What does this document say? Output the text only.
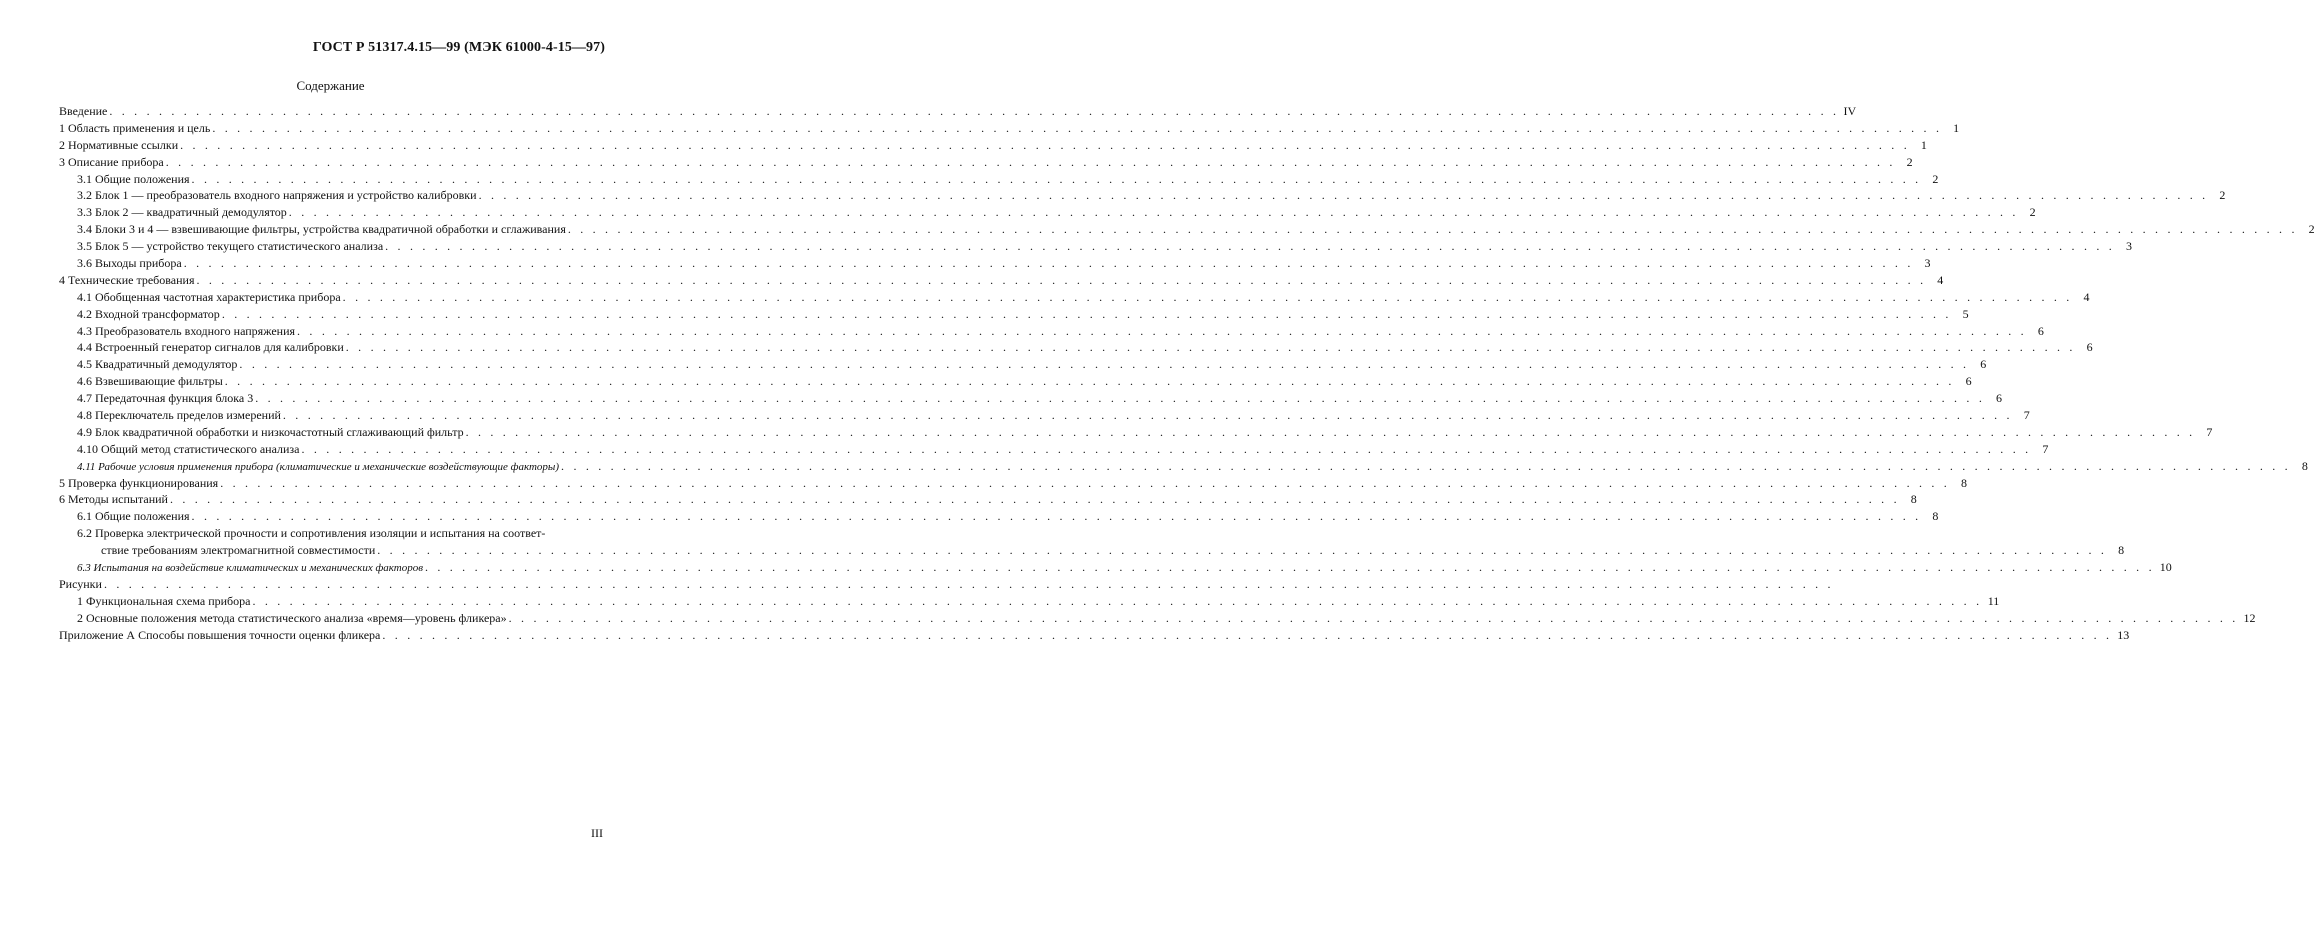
ГОСТ Р 51317.4.15—99 (МЭК 61000-4-15—97)
Содержание
Введение . . . . . . . . . . . . . . . . . . . . . . . . . . . . . . . . . . . . . . . . . . . . . . . . . . . . . . . . . . . . . . . . . . . . . . . . . . . . . . . . . . . . . . . . . . . . . . . . . . . . . . . . . . . . . . . . . . . . . . . . . . . . . . . . . . . . . . . . . . . . IV
1 Область применения и цель . . . . . . . . . . . . . . . . . . . . . . . . . . . . . . . . . . . . . . . . . . . . . . . . . . . . . . . . . . . . . . . . . . . . . . . . . . . . . . . . . . . . . . . . . . . . . . . . . . . . . . . . . . . . . . . . . . . . . . . . . . . . . . . . . . . . . . . . . . . . 1
2 Нормативные ссылки . . . . . . . . . . . . . . . . . . . . . . . . . . . . . . . . . . . . . . . . . . . . . . . . . . . . . . . . . . . . . . . . . . . . . . . . . . . . . . . . . . . . . . . . . . . . . . . . . . . . . . . . . . . . . . . . . . . . . . . . . . . . . . . . . . . . . . . . . . . . 1
3 Описание прибора . . . . . . . . . . . . . . . . . . . . . . . . . . . . . . . . . . . . . . . . . . . . . . . . . . . . . . . . . . . . . . . . . . . . . . . . . . . . . . . . . . . . . . . . . . . . . . . . . . . . . . . . . . . . . . . . . . . . . . . . . . . . . . . . . . . . . . . . . . . . 2
3.1 Общие положения . . . . . . . . . . . . . . . . . . . . . . . . . . . . . . . . . . . . . . . . . . . . . . . . . . . . . . . . . . . . . . . . . . . . . . . . . . . . . . . . . . . . . . . . . . . . . . . . . . . . . . . . . . . . . . . . . . . . . . . . . . . . . . . . . . . . . . . . . . . . 2
3.2 Блок 1 — преобразователь входного напряжения и устройство калибровки . . . . . . . . . . . . . . . . . . . . . . . . . . . . . . . . . . . . . . . . . . . . . . . . . . . . . . . . . . . . . . . . . . . . . . . . . . . . . . . . . . . . . . . . . . . . . . . . . . . . . . . . . . . . . . . . . . . . . . . . . . . . . . . . . . . . . . . . . . . . 2
3.3 Блок 2 — квадратичный демодулятор . . . . . . . . . . . . . . . . . . . . . . . . . . . . . . . . . . . . . . . . . . . . . . . . . . . . . . . . . . . . . . . . . . . . . . . . . . . . . . . . . . . . . . . . . . . . . . . . . . . . . . . . . . . . . . . . . . . . . . . . . . . . . . . . . . . . . . . . . . . . 2
3.4 Блоки 3 и 4 — взвешивающие фильтры, устройства квадратичной обработки и сглаживания . . . . . . . . . . . . . . . . . . . . . . . . . . . . . . . . . . . . . . . . . . . . . . . . . . . . . . . . . . . . . . . . . . . . . . . . . . . . . . . . . . . . . . . . . . . . . . . . . . . . . . . . . . . . . . . . . . . . . . . . . . . . . . . . . . . . . . . . . . . . 2
3.5 Блок 5 — устройство текущего статистического анализа . . . . . . . . . . . . . . . . . . . . . . . . . . . . . . . . . . . . . . . . . . . . . . . . . . . . . . . . . . . . . . . . . . . . . . . . . . . . . . . . . . . . . . . . . . . . . . . . . . . . . . . . . . . . . . . . . . . . . . . . . . . . . . . . . . . . . . . . . . . . 3
3.6 Выходы прибора . . . . . . . . . . . . . . . . . . . . . . . . . . . . . . . . . . . . . . . . . . . . . . . . . . . . . . . . . . . . . . . . . . . . . . . . . . . . . . . . . . . . . . . . . . . . . . . . . . . . . . . . . . . . . . . . . . . . . . . . . . . . . . . . . . . . . . . . . . . . 3
4 Технические требования . . . . . . . . . . . . . . . . . . . . . . . . . . . . . . . . . . . . . . . . . . . . . . . . . . . . . . . . . . . . . . . . . . . . . . . . . . . . . . . . . . . . . . . . . . . . . . . . . . . . . . . . . . . . . . . . . . . . . . . . . . . . . . . . . . . . . . . . . . . . 4
4.1 Обобщенная частотная характеристика прибора . . . . . . . . . . . . . . . . . . . . . . . . . . . . . . . . . . . . . . . . . . . . . . . . . . . . . . . . . . . . . . . . . . . . . . . . . . . . . . . . . . . . . . . . . . . . . . . . . . . . . . . . . . . . . . . . . . . . . . . . . . . . . . . . . . . . . . . . . . . . 4
4.2 Входной трансформатор . . . . . . . . . . . . . . . . . . . . . . . . . . . . . . . . . . . . . . . . . . . . . . . . . . . . . . . . . . . . . . . . . . . . . . . . . . . . . . . . . . . . . . . . . . . . . . . . . . . . . . . . . . . . . . . . . . . . . . . . . . . . . . . . . . . . . . . . . . . . 5
4.3 Преобразователь входного напряжения . . . . . . . . . . . . . . . . . . . . . . . . . . . . . . . . . . . . . . . . . . . . . . . . . . . . . . . . . . . . . . . . . . . . . . . . . . . . . . . . . . . . . . . . . . . . . . . . . . . . . . . . . . . . . . . . . . . . . . . . . . . . . . . . . . . . . . . . . . . . 6
4.4 Встроенный генератор сигналов для калибровки . . . . . . . . . . . . . . . . . . . . . . . . . . . . . . . . . . . . . . . . . . . . . . . . . . . . . . . . . . . . . . . . . . . . . . . . . . . . . . . . . . . . . . . . . . . . . . . . . . . . . . . . . . . . . . . . . . . . . . . . . . . . . . . . . . . . . . . . . . . . 6
4.5 Квадратичный демодулятор . . . . . . . . . . . . . . . . . . . . . . . . . . . . . . . . . . . . . . . . . . . . . . . . . . . . . . . . . . . . . . . . . . . . . . . . . . . . . . . . . . . . . . . . . . . . . . . . . . . . . . . . . . . . . . . . . . . . . . . . . . . . . . . . . . . . . . . . . . . . 6
4.6 Взвешивающие фильтры . . . . . . . . . . . . . . . . . . . . . . . . . . . . . . . . . . . . . . . . . . . . . . . . . . . . . . . . . . . . . . . . . . . . . . . . . . . . . . . . . . . . . . . . . . . . . . . . . . . . . . . . . . . . . . . . . . . . . . . . . . . . . . . . . . . . . . . . . . . . 6
4.7 Передаточная функция блока 3 . . . . . . . . . . . . . . . . . . . . . . . . . . . . . . . . . . . . . . . . . . . . . . . . . . . . . . . . . . . . . . . . . . . . . . . . . . . . . . . . . . . . . . . . . . . . . . . . . . . . . . . . . . . . . . . . . . . . . . . . . . . . . . . . . . . . . . . . . . . . 6
4.8 Переключатель пределов измерений . . . . . . . . . . . . . . . . . . . . . . . . . . . . . . . . . . . . . . . . . . . . . . . . . . . . . . . . . . . . . . . . . . . . . . . . . . . . . . . . . . . . . . . . . . . . . . . . . . . . . . . . . . . . . . . . . . . . . . . . . . . . . . . . . . . . . . . . . . . . 7
4.9 Блок квадратичной обработки и низкочастотный сглаживающий фильтр . . . . . . . . . . . . . . . . . . . . . . . . . . . . . . . . . . . . . . . . . . . . . . . . . . . . . . . . . . . . . . . . . . . . . . . . . . . . . . . . . . . . . . . . . . . . . . . . . . . . . . . . . . . . . . . . . . . . . . . . . . . . . . . . . . . . . . . . . . . . 7
4.10 Общий метод статистического анализа . . . . . . . . . . . . . . . . . . . . . . . . . . . . . . . . . . . . . . . . . . . . . . . . . . . . . . . . . . . . . . . . . . . . . . . . . . . . . . . . . . . . . . . . . . . . . . . . . . . . . . . . . . . . . . . . . . . . . . . . . . . . . . . . . . . . . . . . . . . . 7
4.11 Рабочие условия применения прибора (климатические и механические воздействующие факторы) . . . . . . . . . . . . . . . . . . . . . . . . . . . . . . . . . . . . . . . . . . . . . . . . . . . . . . . . . . . . . . . . . . . . . . . . . . . . . . . . . . . . . . . . . . . . . . . . . . . . . . . . . . . . . . . . . . . . . . . . . . . . . . . . . . . . . . . . . . . . 8
5 Проверка функционирования . . . . . . . . . . . . . . . . . . . . . . . . . . . . . . . . . . . . . . . . . . . . . . . . . . . . . . . . . . . . . . . . . . . . . . . . . . . . . . . . . . . . . . . . . . . . . . . . . . . . . . . . . . . . . . . . . . . . . . . . . . . . . . . . . . . . . . . . . . . . 8
6 Методы испытаний . . . . . . . . . . . . . . . . . . . . . . . . . . . . . . . . . . . . . . . . . . . . . . . . . . . . . . . . . . . . . . . . . . . . . . . . . . . . . . . . . . . . . . . . . . . . . . . . . . . . . . . . . . . . . . . . . . . . . . . . . . . . . . . . . . . . . . . . . . . . 8
6.1 Общие положения . . . . . . . . . . . . . . . . . . . . . . . . . . . . . . . . . . . . . . . . . . . . . . . . . . . . . . . . . . . . . . . . . . . . . . . . . . . . . . . . . . . . . . . . . . . . . . . . . . . . . . . . . . . . . . . . . . . . . . . . . . . . . . . . . . . . . . . . . . . . 8
6.2 Проверка электрической прочности и сопротивления изоляции и испытания на соответ-
ствие требованиям электромагнитной совместимости . . . . . . . . . . . . . . . . . . . . . . . . . . . . . . . . . . . . . . . . . . . . . . . . . . . . . . . . . . . . . . . . . . . . . . . . . . . . . . . . . . . . . . . . . . . . . . . . . . . . . . . . . . . . . . . . . . . . . . . . . . . . . . . . . . . . . . . . . . . . 8
6.3 Испытания на воздействие климатических и механических факторов . . . . . . . . . . . . . . . . . . . . . . . . . . . . . . . . . . . . . . . . . . . . . . . . . . . . . . . . . . . . . . . . . . . . . . . . . . . . . . . . . . . . . . . . . . . . . . . . . . . . . . . . . . . . . . . . . . . . . . . . . . . . . . . . . . . . . . . . . . . . 10
Рисунки . . . . . . . . . . . . . . . . . . . . . . . . . . . . . . . . . . . . . . . . . . . . . . . . . . . . . . . . . . . . . . . . . . . . . . . . . . . . . . . . . . . . . . . . . . . . . . . . . . . . . . . . . . . . . . . . . . . . . . . . . . . . . . . . . . . . . . . . . . . .
1 Функциональная схема прибора . . . . . . . . . . . . . . . . . . . . . . . . . . . . . . . . . . . . . . . . . . . . . . . . . . . . . . . . . . . . . . . . . . . . . . . . . . . . . . . . . . . . . . . . . . . . . . . . . . . . . . . . . . . . . . . . . . . . . . . . . . . . . . . . . . . . . . . . . . . . 11
2 Основные положения метода статистического анализа «время—уровень фликера» . . . . . . . . . . . . . . . . . . . . . . . . . . . . . . . . . . . . . . . . . . . . . . . . . . . . . . . . . . . . . . . . . . . . . . . . . . . . . . . . . . . . . . . . . . . . . . . . . . . . . . . . . . . . . . . . . . . . . . . . . . . . . . . . . . . . . . . . . . . . 12
Приложение А Способы повышения точности оценки фликера . . . . . . . . . . . . . . . . . . . . . . . . . . . . . . . . . . . . . . . . . . . . . . . . . . . . . . . . . . . . . . . . . . . . . . . . . . . . . . . . . . . . . . . . . . . . . . . . . . . . . . . . . . . . . . . . . . . . . . . . . . . . . . . . . . . . . . . . . . . . 13
III
